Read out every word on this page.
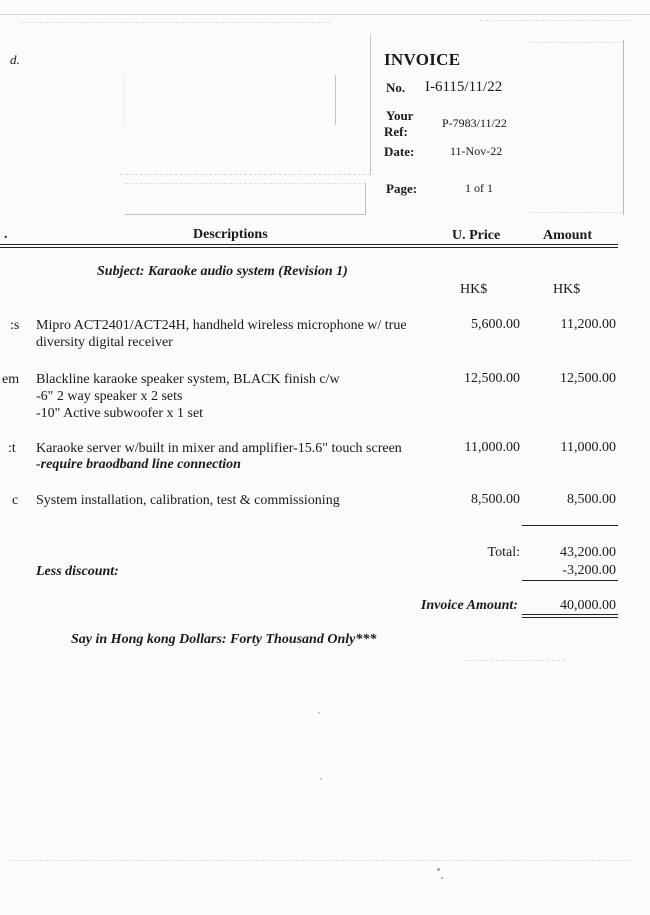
d.	INVOICE
No. I-6115/11/22
Your
Ref:
P-7983/11/22
Date:	11-Nov-22
Page:	1 of 1
.	Descriptions	U. Price	Amount
Subject: Karaoke audio system (Revision 1)
HK$	HK$
:s Mipro ACT2401/ACT24H, handheld wireless microphone w/ true
diversity digital receiver
5,600.00	11,200.00
em Blackline karaoke speaker system, BLACK finish c/w
-6" 2 way speaker x 2 sets
-10" Active subwoofer x 1 set
12,500.00	12,500.00
:t Karaoke server w/built in mixer and amplifier-15.6" touch screen
-require braodband line connection
11,000.00	11,000.00
c System installation, calibration, test & commissioning	8,500.00	8,500.00
Total:	43,200.00
Less discount:	-3,200.00
Invoice Amount:	40,000.00
Say in Hong kong Dollars: Forty Thousand Only***
